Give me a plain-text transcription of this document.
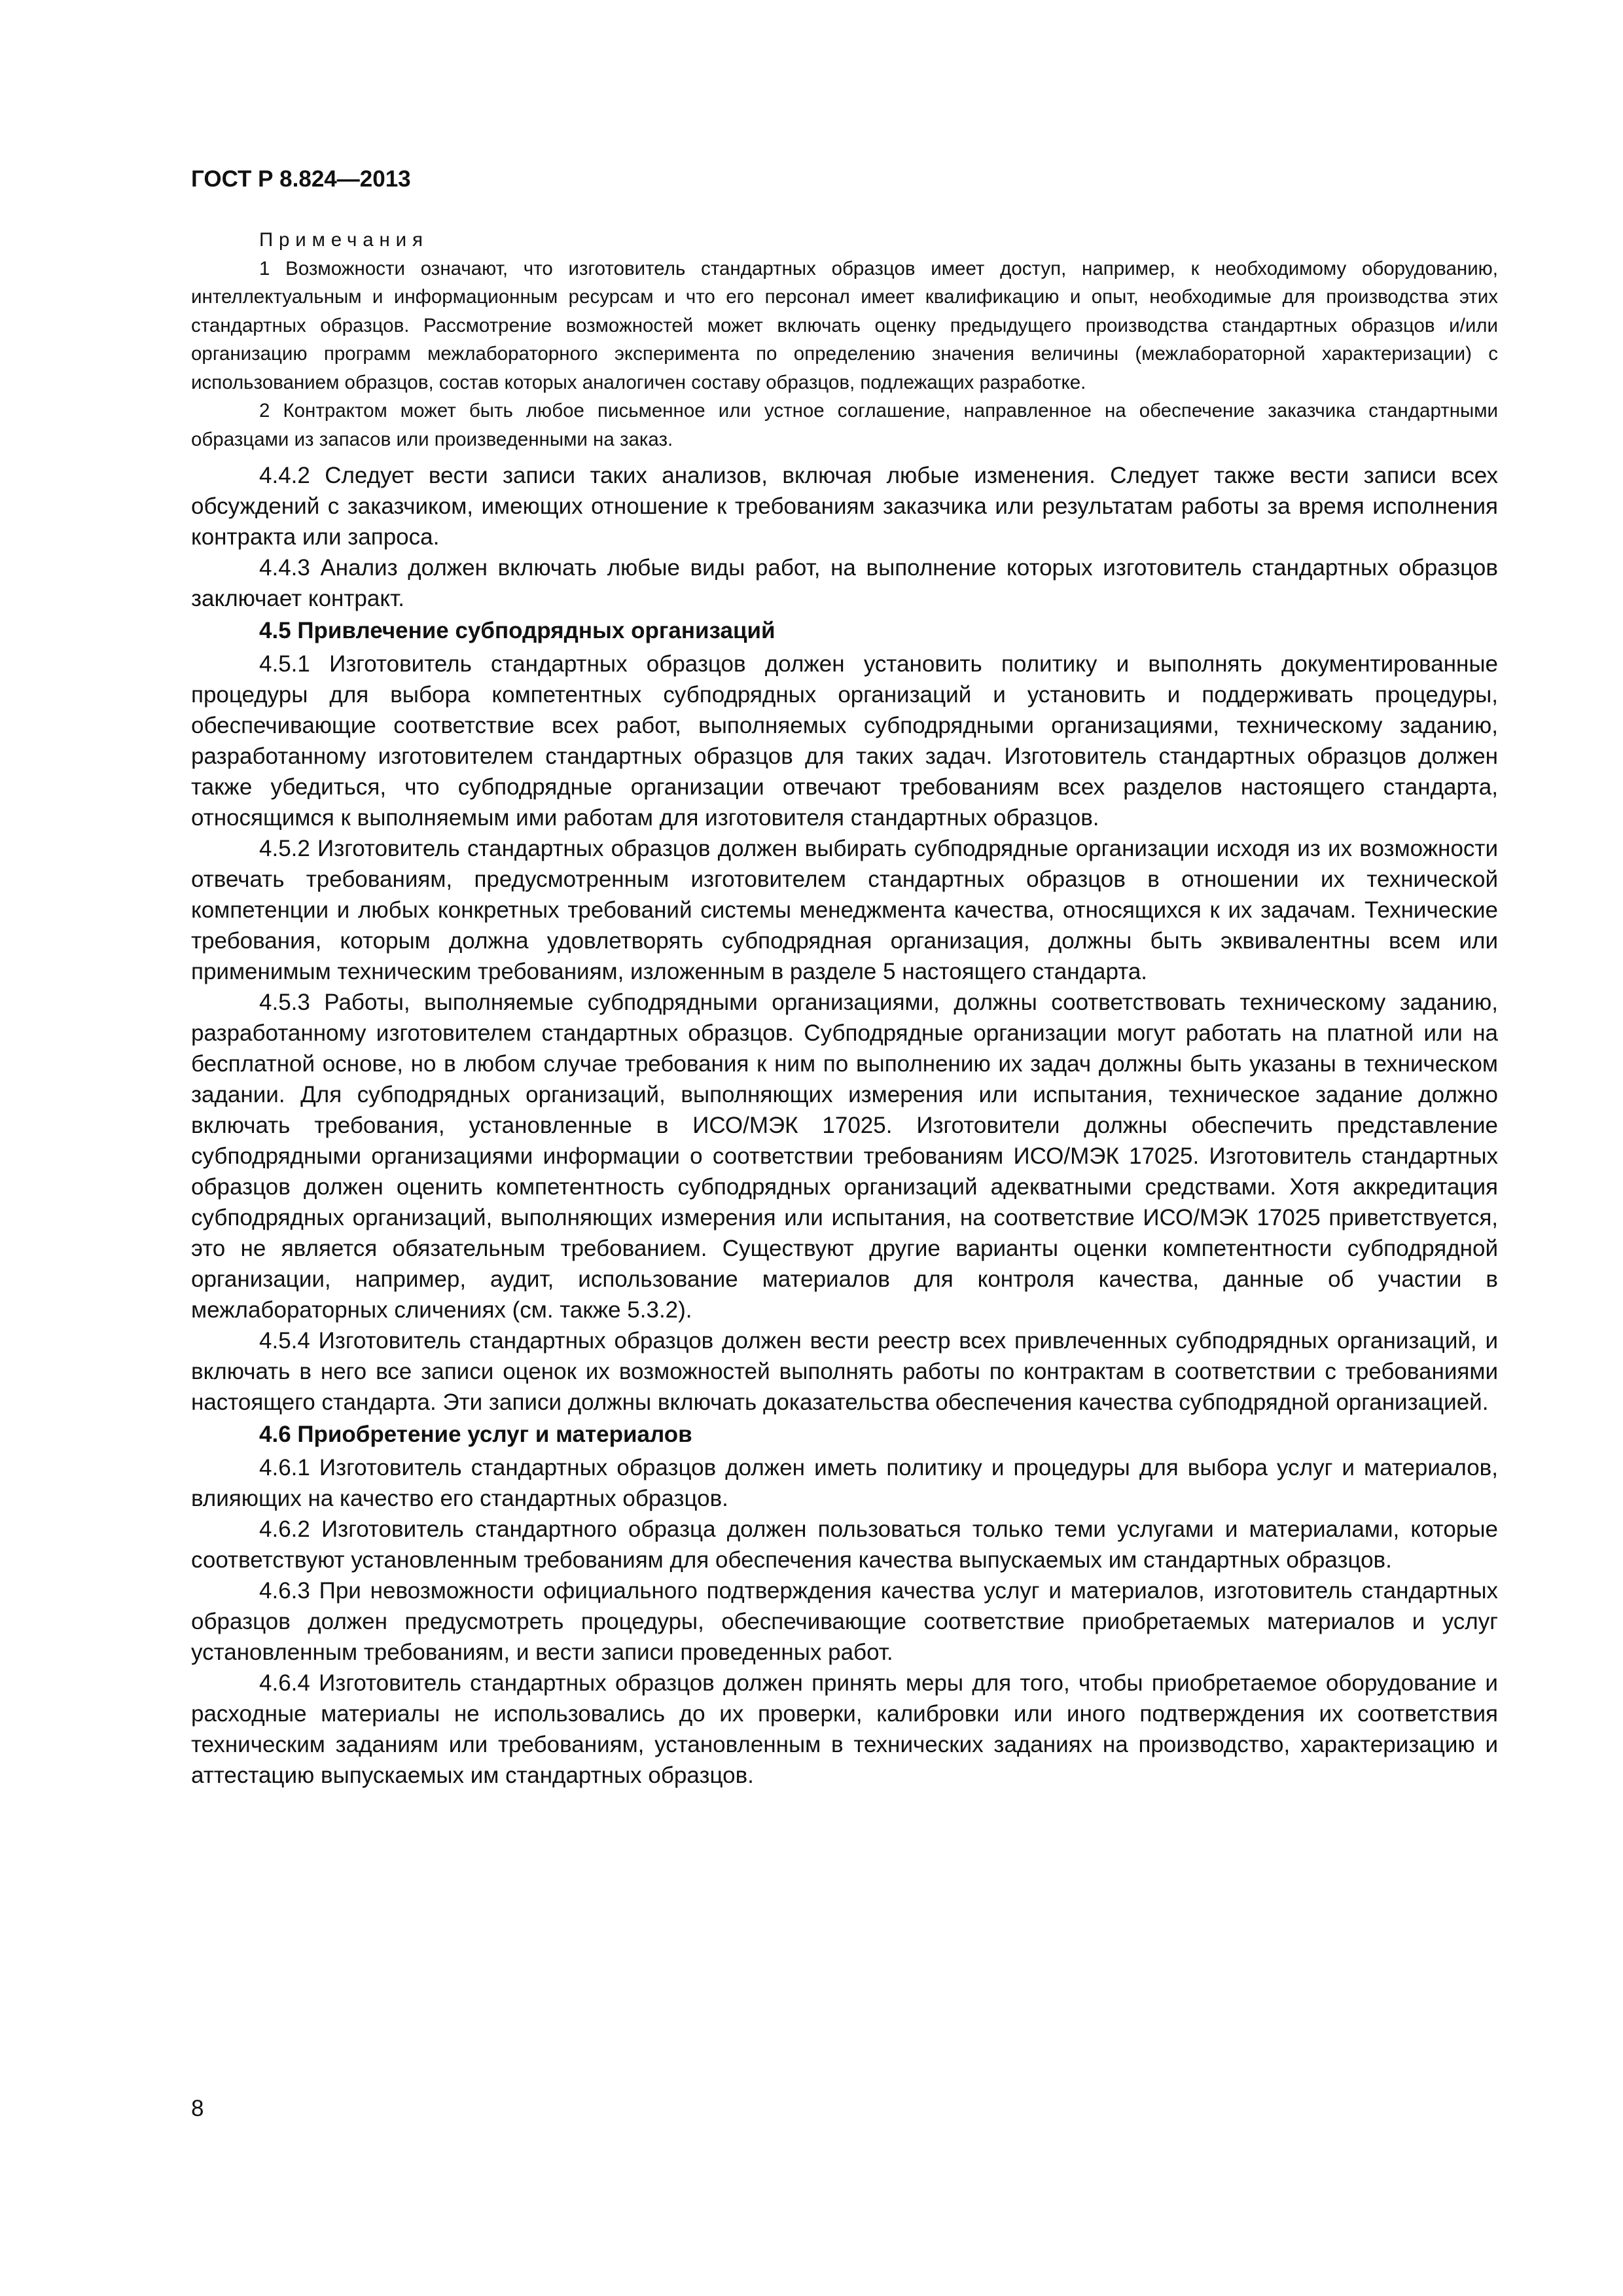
ГОСТ Р 8.824—2013

Примечания

1 Возможности означают, что изготовитель стандартных образцов имеет доступ, например, к необходимому оборудованию, интеллектуальным и информационным ресурсам и что его персонал имеет квалификацию и опыт, необходимые для производства этих стандартных образцов. Рассмотрение возможностей может включать оценку предыдущего производства стандартных образцов и/или организацию программ межлабораторного эксперимента по определению значения величины (межлабораторной характеризации) с использованием образцов, состав которых аналогичен составу образцов, подлежащих разработке.

2 Контрактом может быть любое письменное или устное соглашение, направленное на обеспечение заказчика стандартными образцами из запасов или произведенными на заказ.

4.4.2 Следует вести записи таких анализов, включая любые изменения. Следует также вести записи всех обсуждений с заказчиком, имеющих отношение к требованиям заказчика или результатам работы за время исполнения контракта или запроса.

4.4.3 Анализ должен включать любые виды работ, на выполнение которых изготовитель стандартных образцов заключает контракт.

4.5 Привлечение субподрядных организаций

4.5.1 Изготовитель стандартных образцов должен установить политику и выполнять документированные процедуры для выбора компетентных субподрядных организаций и установить и поддерживать процедуры, обеспечивающие соответствие всех работ, выполняемых субподрядными организациями, техническому заданию, разработанному изготовителем стандартных образцов для таких задач. Изготовитель стандартных образцов должен также убедиться, что субподрядные организации отвечают требованиям всех разделов настоящего стандарта, относящимся к выполняемым ими работам для изготовителя стандартных образцов.

4.5.2 Изготовитель стандартных образцов должен выбирать субподрядные организации исходя из их возможности отвечать требованиям, предусмотренным изготовителем стандартных образцов в отношении их технической компетенции и любых конкретных требований системы менеджмента качества, относящихся к их задачам. Технические требования, которым должна удовлетворять субподрядная организация, должны быть эквивалентны всем или применимым техническим требованиям, изложенным в разделе 5 настоящего стандарта.

4.5.3 Работы, выполняемые субподрядными организациями, должны соответствовать техническому заданию, разработанному изготовителем стандартных образцов. Субподрядные организации могут работать на платной или на бесплатной основе, но в любом случае требования к ним по выполнению их задач должны быть указаны в техническом задании. Для субподрядных организаций, выполняющих измерения или испытания, техническое задание должно включать требования, установленные в ИСО/МЭК 17025. Изготовители должны обеспечить представление субподрядными организациями информации о соответствии требованиям ИСО/МЭК 17025. Изготовитель стандартных образцов должен оценить компетентность субподрядных организаций адекватными средствами. Хотя аккредитация субподрядных организаций, выполняющих измерения или испытания, на соответствие ИСО/МЭК 17025 приветствуется, это не является обязательным требованием. Существуют другие варианты оценки компетентности субподрядной организации, например, аудит, использование материалов для контроля качества, данные об участии в межлабораторных сличениях (см. также 5.3.2).

4.5.4 Изготовитель стандартных образцов должен вести реестр всех привлеченных субподрядных организаций, и включать в него все записи оценок их возможностей выполнять работы по контрактам в соответствии с требованиями настоящего стандарта. Эти записи должны включать доказательства обеспечения качества субподрядной организацией.

4.6 Приобретение услуг и материалов

4.6.1 Изготовитель стандартных образцов должен иметь политику и процедуры для выбора услуг и материалов, влияющих на качество его стандартных образцов.

4.6.2 Изготовитель стандартного образца должен пользоваться только теми услугами и материалами, которые соответствуют установленным требованиям для обеспечения качества выпускаемых им стандартных образцов.

4.6.3 При невозможности официального подтверждения качества услуг и материалов, изготовитель стандартных образцов должен предусмотреть процедуры, обеспечивающие соответствие приобретаемых материалов и услуг установленным требованиям, и вести записи проведенных работ.

4.6.4 Изготовитель стандартных образцов должен принять меры для того, чтобы приобретаемое оборудование и расходные материалы не использовались до их проверки, калибровки или иного подтверждения их соответствия техническим заданиям или требованиям, установленным в технических заданиях на производство, характеризацию и аттестацию выпускаемых им стандартных образцов.

8
